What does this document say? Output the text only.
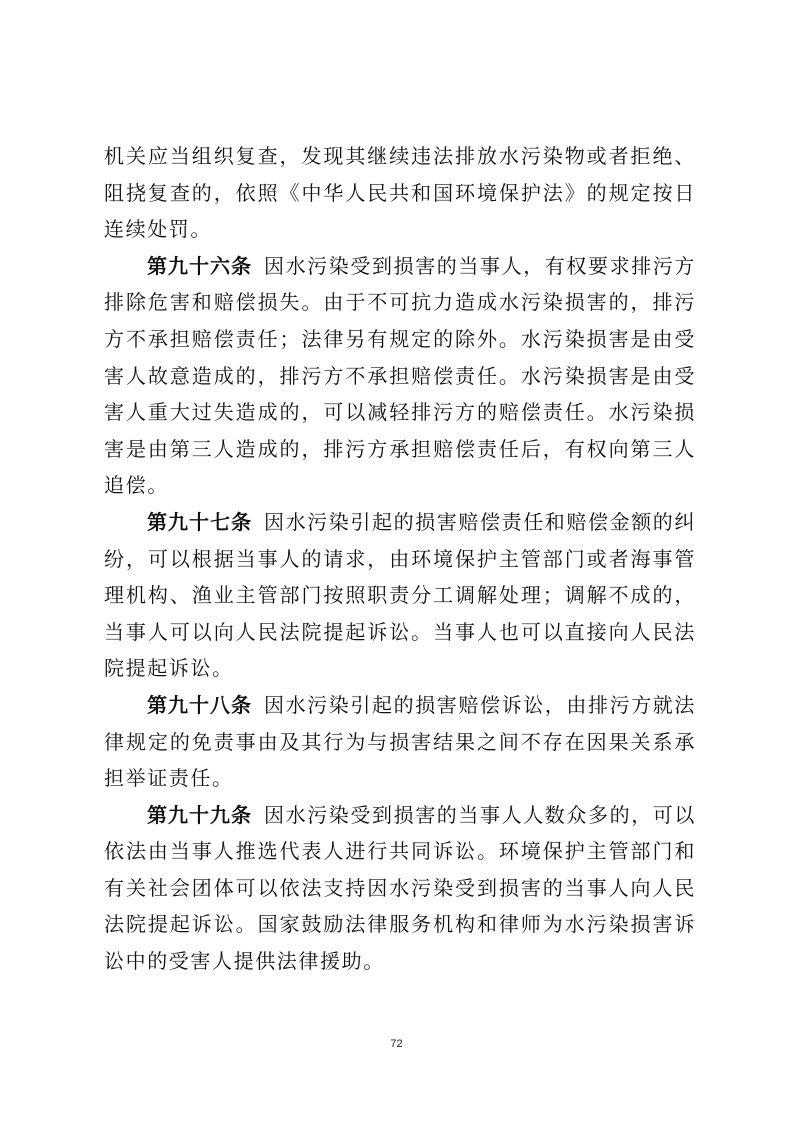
机关应当组织复查，发现其继续违法排放水污染物或者拒绝、阻挠复查的，依照《中华人民共和国环境保护法》的规定按日连续处罚。

第九十六条 因水污染受到损害的当事人，有权要求排污方排除危害和赔偿损失。由于不可抗力造成水污染损害的，排污方不承担赔偿责任；法律另有规定的除外。水污染损害是由受害人故意造成的，排污方不承担赔偿责任。水污染损害是由受害人重大过失造成的，可以减轻排污方的赔偿责任。水污染损害是由第三人造成的，排污方承担赔偿责任后，有权向第三人追偿。

第九十七条 因水污染引起的损害赔偿责任和赔偿金额的纠纷，可以根据当事人的请求，由环境保护主管部门或者海事管理机构、渔业主管部门按照职责分工调解处理；调解不成的，当事人可以向人民法院提起诉讼。当事人也可以直接向人民法院提起诉讼。

第九十八条 因水污染引起的损害赔偿诉讼，由排污方就法律规定的免责事由及其行为与损害结果之间不存在因果关系承担举证责任。

第九十九条 因水污染受到损害的当事人人数众多的，可以依法由当事人推选代表人进行共同诉讼。环境保护主管部门和有关社会团体可以依法支持因水污染受到损害的当事人向人民法院提起诉讼。国家鼓励法律服务机构和律师为水污染损害诉讼中的受害人提供法律援助。

72
